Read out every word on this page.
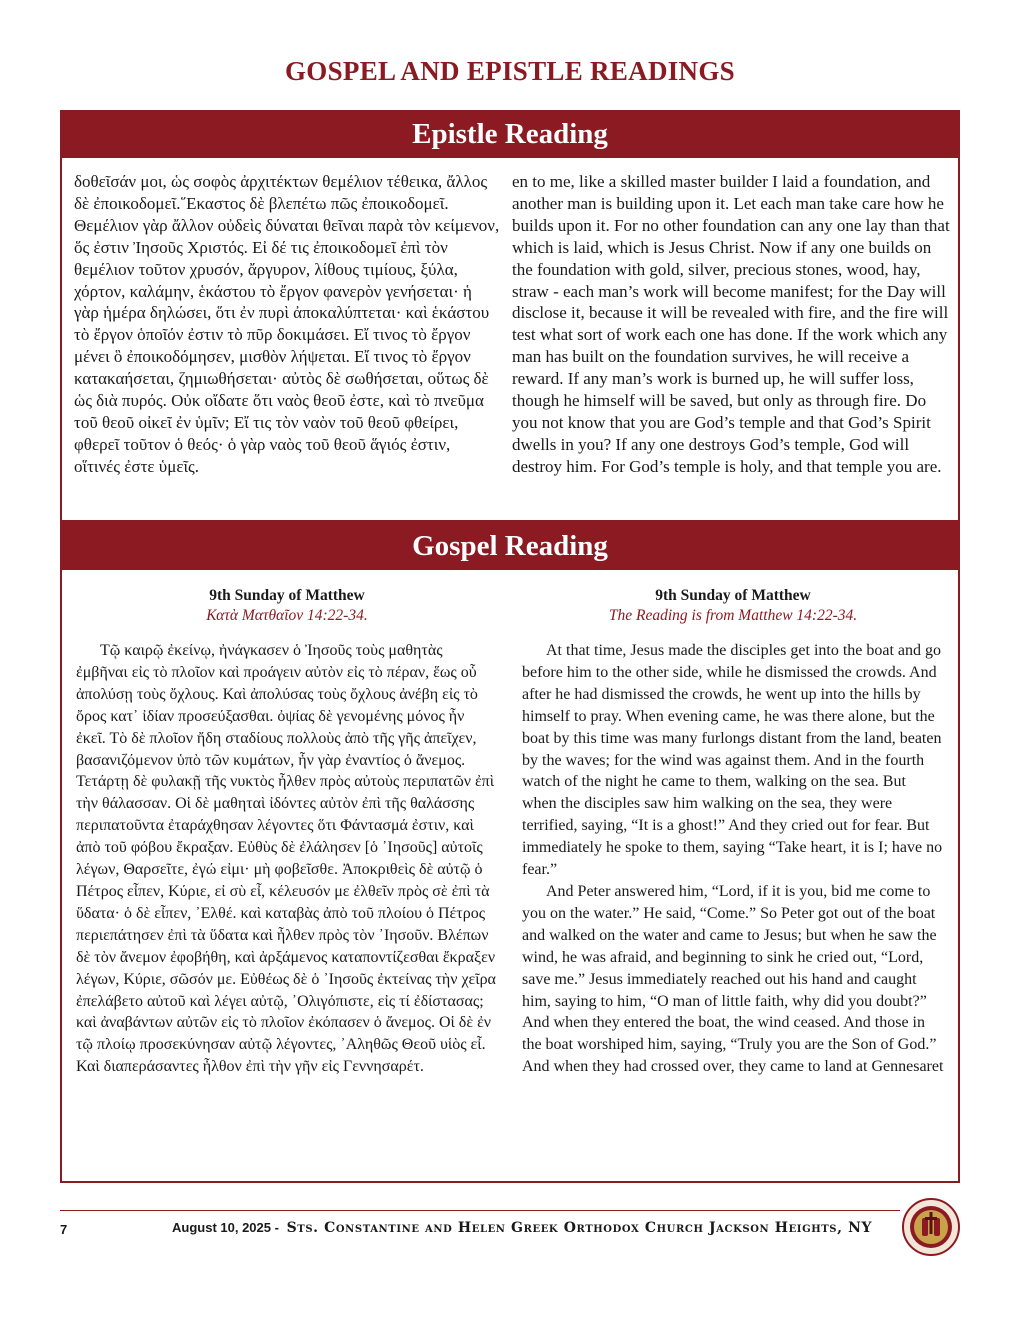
GOSPEL AND EPISTLE READINGS
Epistle Reading
δοθεῖσάν μοι, ὡς σοφὸς ἀρχιτέκτων θεμέλιον τέθεικα, ἄλλος δὲ ἐποικοδομεῖ.῞Εκαστος δὲ βλεπέτω πῶς ἐποικοδομεῖ. Θεμέλιον γὰρ ἄλλον οὐδεὶς δύναται θεῖναι παρὰ τὸν κείμενον, ὅς ἐστιν Ἰησοῦς Χριστός. Εἰ δέ τις ἐποικοδομεῖ ἐπὶ τὸν θεμέλιον τοῦτον χρυσόν, ἄργυρον, λίθους τιμίους, ξύλα, χόρτον, καλάμην, ἑκάστου τὸ ἔργον φανερὸν γενήσεται· ἡ γὰρ ἡμέρα δηλώσει, ὅτι ἐν πυρὶ ἀποκαλύπτεται· καὶ ἑκάστου τὸ ἔργον ὁποῖόν ἐστιν τὸ πῦρ δοκιμάσει. Εἴ τινος τὸ ἔργον μένει ὃ ἐποικοδόμησεν, μισθὸν λήψεται. Εἴ τινος τὸ ἔργον κατακαήσεται, ζημιωθήσεται· αὐτὸς δὲ σωθήσεται, οὕτως δὲ ὡς διὰ πυρός. Οὐκ οἴδατε ὅτι ναὸς θεοῦ ἐστε, καὶ τὸ πνεῦμα τοῦ θεοῦ οἰκεῖ ἐν ὑμῖν; Εἴ τις τὸν ναὸν τοῦ θεοῦ φθείρει, φθερεῖ τοῦτον ὁ θεός· ὁ γὰρ ναὸς τοῦ θεοῦ ἅγιός ἐστιν, οἵτινές ἐστε ὑμεῖς.
en to me, like a skilled master builder I laid a foundation, and another man is building upon it. Let each man take care how he builds upon it. For no other foundation can any one lay than that which is laid, which is Jesus Christ. Now if any one builds on the foundation with gold, silver, precious stones, wood, hay, straw - each man’s work will become manifest; for the Day will disclose it, because it will be revealed with fire, and the fire will test what sort of work each one has done. If the work which any man has built on the foundation survives, he will receive a reward. If any man’s work is burned up, he will suffer loss, though he himself will be saved, but only as through fire. Do you not know that you are God’s temple and that God’s Spirit dwells in you? If any one destroys God’s temple, God will destroy him. For God’s temple is holy, and that temple you are.
Gospel Reading
9th Sunday of Matthew
Κατὰ Ματθαῖον 14:22-34.

Τῷ καιρῷ ἐκείνῳ, ἠνάγκασεν ὁ Ἰησοῦς τοὺς μαθητὰς ἐμβῆναι εἰς τὸ πλοῖον καὶ προάγειν αὐτὸν εἰς τὸ πέραν, ἕως οὗ ἀπολύσῃ τοὺς ὄχλους. Καὶ ἀπολύσας τοὺς ὄχλους ἀνέβη εἰς τὸ ὄρος κατ᾽ ἰδίαν προσεύξασθαι. ὀψίας δὲ γενομένης μόνος ἦν ἐκεῖ. Τὸ δὲ πλοῖον ἤδη σταδίους πολλοὺς ἀπὸ τῆς γῆς ἀπεῖχεν, βασανιζόμενον ὑπὸ τῶν κυμάτων, ἦν γὰρ ἐναντίος ὁ ἄνεμος. Τετάρτῃ δὲ φυλακῇ τῆς νυκτὸς ἦλθεν πρὸς αὐτοὺς περιπατῶν ἐπὶ τὴν θάλασσαν. Οἱ δὲ μαθηταὶ ἰδόντες αὐτὸν ἐπὶ τῆς θαλάσσης περιπατοῦντα ἐταράχθησαν λέγοντες ὅτι Φάντασμά ἐστιν, καὶ ἀπὸ τοῦ φόβου ἔκραξαν. Εὐθὺς δὲ ἐλάλησεν [ὁ ᾽Ιησοῦς] αὐτοῖς λέγων, Θαρσεῖτε, ἐγώ εἰμι· μὴ φοβεῖσθε. Ἀποκριθεὶς δὲ αὐτῷ ὁ Πέτρος εἶπεν, Κύριε, εἰ σὺ εἶ, κέλευσόν με ἐλθεῖν πρὸς σὲ ἐπὶ τὰ ὕδατα· ὁ δὲ εἶπεν, ᾽Ελθέ. καὶ καταβὰς ἀπὸ τοῦ πλοίου ὁ Πέτρος περιεπάτησεν ἐπὶ τὰ ὕδατα καὶ ἦλθεν πρὸς τὸν ᾽Ιησοῦν. Βλέπων δὲ τὸν ἄνεμον ἐφοβήθη, καὶ ἀρξάμενος καταποντίζεσθαι ἔκραξεν λέγων, Κύριε, σῶσόν με. Εὐθέως δὲ ὁ ᾽Ιησοῦς ἐκτείνας τὴν χεῖρα ἐπελάβετο αὐτοῦ καὶ λέγει αὐτῷ, ᾽Ολιγόπιστε, εἰς τί ἐδίστασας; καὶ ἀναβάντων αὐτῶν εἰς τὸ πλοῖον ἐκόπασεν ὁ ἄνεμος. Οἱ δὲ ἐν τῷ πλοίῳ προσεκύνησαν αὐτῷ λέγοντες, ᾽Αληθῶς Θεοῦ υἱὸς εἶ. Καὶ διαπεράσαντες ἦλθον ἐπὶ τὴν γῆν εἰς Γεννησαρέτ.

9th Sunday of Matthew
The Reading is from Matthew 14:22-34.

At that time, Jesus made the disciples get into the boat and go before him to the other side, while he dismissed the crowds. And after he had dismissed the crowds, he went up into the hills by himself to pray. When evening came, he was there alone, but the boat by this time was many furlongs distant from the land, beaten by the waves; for the wind was against them. And in the fourth watch of the night he came to them, walking on the sea. But when the disciples saw him walking on the sea, they were terrified, saying, “It is a ghost!” And they cried out for fear. But immediately he spoke to them, saying “Take heart, it is I; have no fear.”

And Peter answered him, “Lord, if it is you, bid me come to you on the water.” He said, “Come.” So Peter got out of the boat and walked on the water and came to Jesus; but when he saw the wind, he was afraid, and beginning to sink he cried out, “Lord, save me.” Jesus immediately reached out his hand and caught him, saying to him, “O man of little faith, why did you doubt?” And when they entered the boat, the wind ceased. And those in the boat worshiped him, saying, “Truly you are the Son of God.” And when they had crossed over, they came to land at Gennesaret

7	August 10, 2025 - Sts. Constantine and Helen Greek Orthodox Church Jackson Heights, NY
